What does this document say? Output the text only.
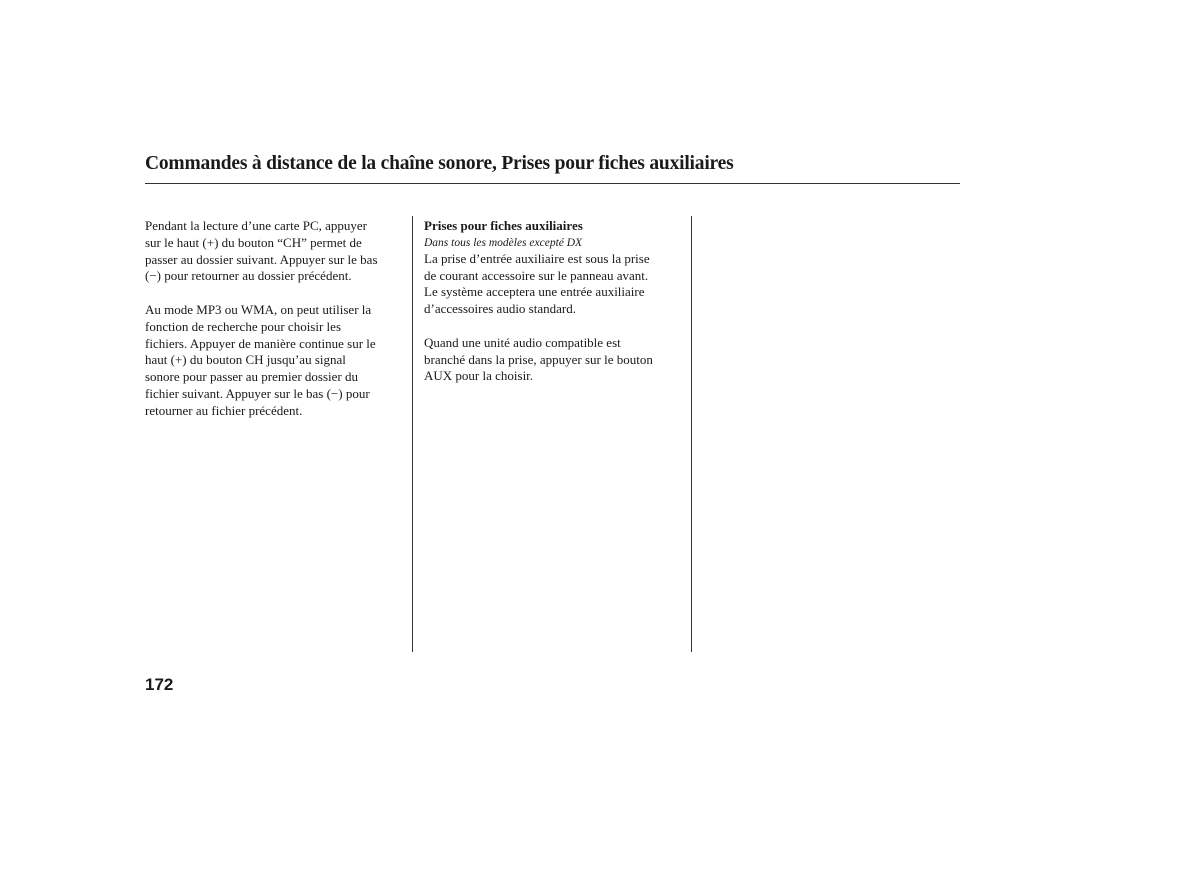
Commandes à distance de la chaîne sonore, Prises pour fiches auxiliaires

Pendant la lecture d’une carte PC, appuyer
sur le haut (+) du bouton “CH” permet de
passer au dossier suivant. Appuyer sur le bas
(−) pour retourner au dossier précédent.

Au mode MP3 ou WMA, on peut utiliser la
fonction de recherche pour choisir les
fichiers. Appuyer de manière continue sur le
haut (+) du bouton CH jusqu’au signal
sonore pour passer au premier dossier du
fichier suivant. Appuyer sur le bas (−) pour
retourner au fichier précédent.

Prises pour fiches auxiliaires

Dans tous les modèles excepté DX

La prise d’entrée auxiliaire est sous la prise
de courant accessoire sur le panneau avant.
Le système acceptera une entrée auxiliaire
d’accessoires audio standard.

Quand une unité audio compatible est
branché dans la prise, appuyer sur le bouton
AUX pour la choisir.

172
